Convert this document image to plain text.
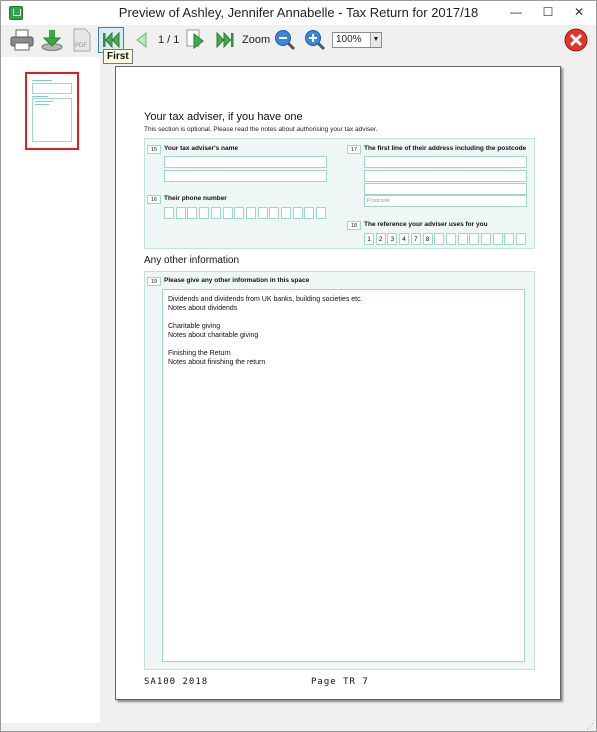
Preview of Ashley, Jennifer Annabelle - Tax Return for 2017/18	—	☐	✕
PDF	1 / 1	Zoom	100%	▼
First
Your tax adviser, if you have one
This section is optional. Please read the notes about authorising your tax adviser.
15	Your tax adviser's name
16	Their phone number
17	The first line of their address including the postcode
Postcode
18	The reference your adviser uses for you
1	2	3	4	7	8
Any other information
19	Please give any other information in this space
Dividends and dividends from UK banks, building societies etc.
Notes about dividends
Charitable giving
Notes about charitable giving
Finishing the Return
Notes about finishing the return
SA100 2018	Page TR 7
⋰
